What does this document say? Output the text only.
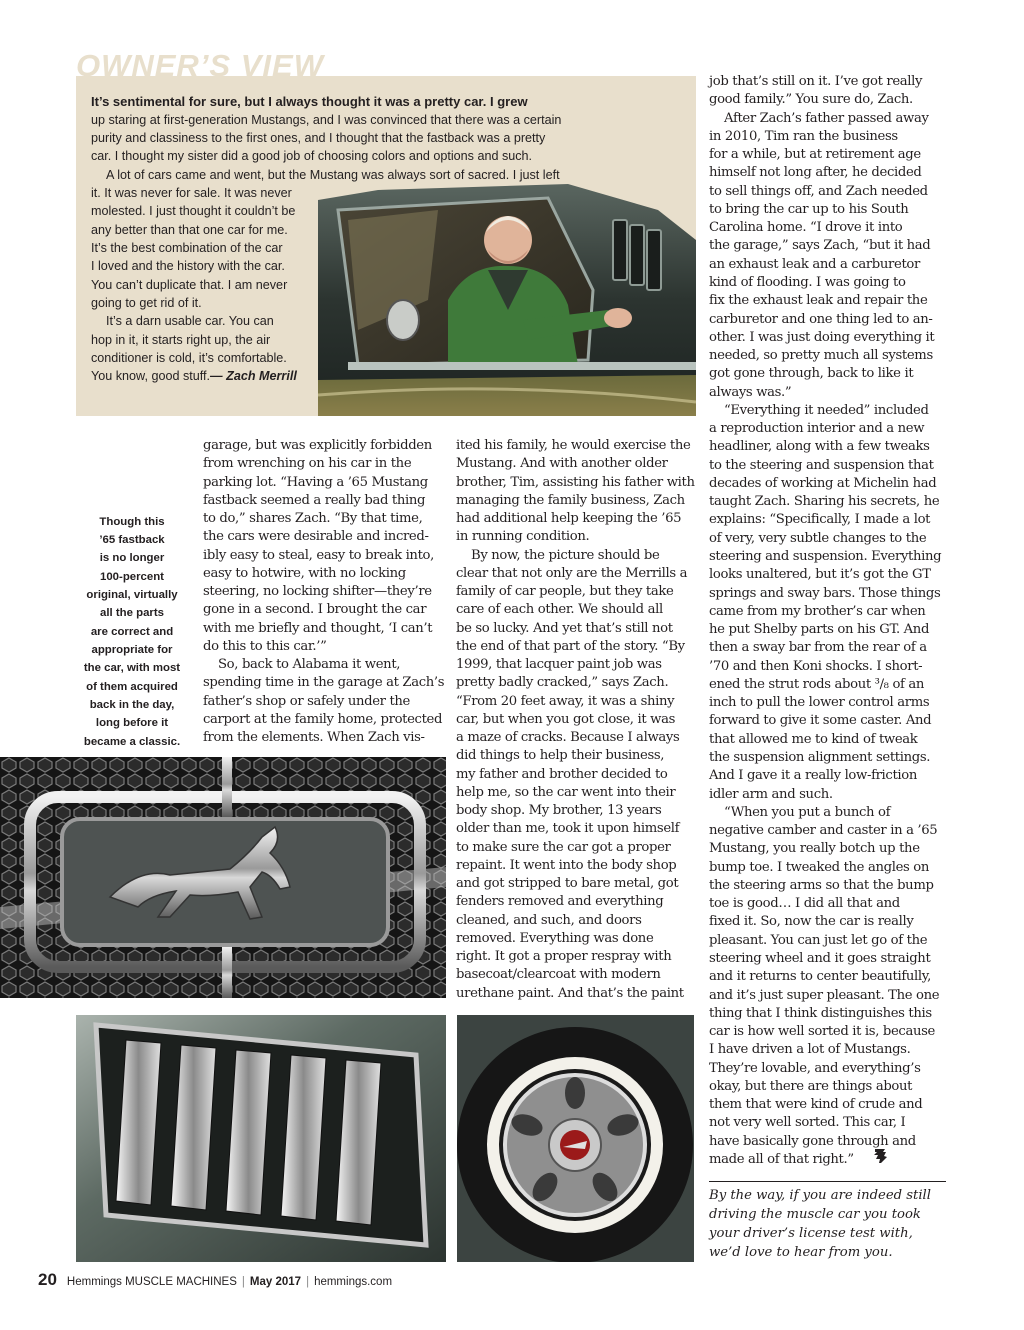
OWNER’S VIEW
It’s sentimental for sure, but I always thought it was a pretty car. I grew
up staring at first-generation Mustangs, and I was convinced that there was a certain
purity and classiness to the first ones, and I thought that the fastback was a pretty
car. I thought my sister did a good job of choosing colors and options and such.
A lot of cars came and went, but the Mustang was always sort of sacred. I just left
it. It was never for sale. It was never
molested. I just thought it couldn’t be
any better than that one car for me.
It’s the best combination of the car
I loved and the history with the car.
You can’t duplicate that. I am never
going to get rid of it.
It’s a darn usable car. You can
hop in it, it starts right up, the air
conditioner is cold, it’s comfortable.
You know, good stuff.— Zach Merrill
Though this
’65 fastback
is no longer
100-percent
original, virtually
all the parts
are correct and
appropriate for
the car, with most
of them acquired
back in the day,
long before it
became a classic.
garage, but was explicitly forbidden
from wrenching on his car in the
parking lot. “Having a ’65 Mustang
fastback seemed a really bad thing
to do,” shares Zach. “By that time,
the cars were desirable and incred-
ibly easy to steal, easy to break into,
easy to hotwire, with no locking
steering, no locking shifter—they’re
gone in a second. I brought the car
with me briefly and thought, ‘I can’t
do this to this car.’”
So, back to Alabama it went,
spending time in the garage at Zach’s
father’s shop or safely under the
carport at the family home, protected
from the elements. When Zach vis-
ited his family, he would exercise the
Mustang. And with another older
brother, Tim, assisting his father with
managing the family business, Zach
had additional help keeping the ’65
in running condition.
By now, the picture should be
clear that not only are the Merrills a
family of car people, but they take
care of each other. We should all
be so lucky. And yet that’s still not
the end of that part of the story. “By
1999, that lacquer paint job was
pretty badly cracked,” says Zach.
“From 20 feet away, it was a shiny
car, but when you got close, it was
a maze of cracks. Because I always
did things to help their business,
my father and brother decided to
help me, so the car went into their
body shop. My brother, 13 years
older than me, took it upon himself
to make sure the car got a proper
repaint. It went into the body shop
and got stripped to bare metal, got
fenders removed and everything
cleaned, and such, and doors
removed. Everything was done
right. It got a proper respray with
basecoat/clearcoat with modern
urethane paint. And that’s the paint
job that’s still on it. I’ve got really
good family.” You sure do, Zach.
After Zach’s father passed away
in 2010, Tim ran the business
for a while, but at retirement age
himself not long after, he decided
to sell things off, and Zach needed
to bring the car up to his South
Carolina home. “I drove it into
the garage,” says Zach, “but it had
an exhaust leak and a carburetor
kind of flooding. I was going to
fix the exhaust leak and repair the
carburetor and one thing led to an-
other. I was just doing everything it
needed, so pretty much all systems
got gone through, back to like it
always was.”
“Everything it needed” included
a reproduction interior and a new
headliner, along with a few tweaks
to the steering and suspension that
decades of working at Michelin had
taught Zach. Sharing his secrets, he
explains: “Specifically, I made a lot
of very, very subtle changes to the
steering and suspension. Everything
looks unaltered, but it’s got the GT
springs and sway bars. Those things
came from my brother’s car when
he put Shelby parts on his GT. And
then a sway bar from the rear of a
’70 and then Koni shocks. I short-
ened the strut rods about ³/₈ of an
inch to pull the lower control arms
forward to give it some caster. And
that allowed me to kind of tweak
the suspension alignment settings.
And I gave it a really low-friction
idler arm and such.
“When you put a bunch of
negative camber and caster in a ’65
Mustang, you really botch up the
bump toe. I tweaked the angles on
the steering arms so that the bump
toe is good… I did all that and
fixed it. So, now the car is really
pleasant. You can just let go of the
steering wheel and it goes straight
and it returns to center beautifully,
and it’s just super pleasant. The one
thing that I think distinguishes this
car is how well sorted it is, because
I have driven a lot of Mustangs.
They’re lovable, and everything’s
okay, but there are things about
them that were kind of crude and
not very well sorted. This car, I
have basically gone through and
made all of that right.”
By the way, if you are indeed still
driving the muscle car you took
your driver’s license test with,
we’d love to hear from you.
20 Hemmings MUSCLE MACHINES | May 2017 | hemmings.com
